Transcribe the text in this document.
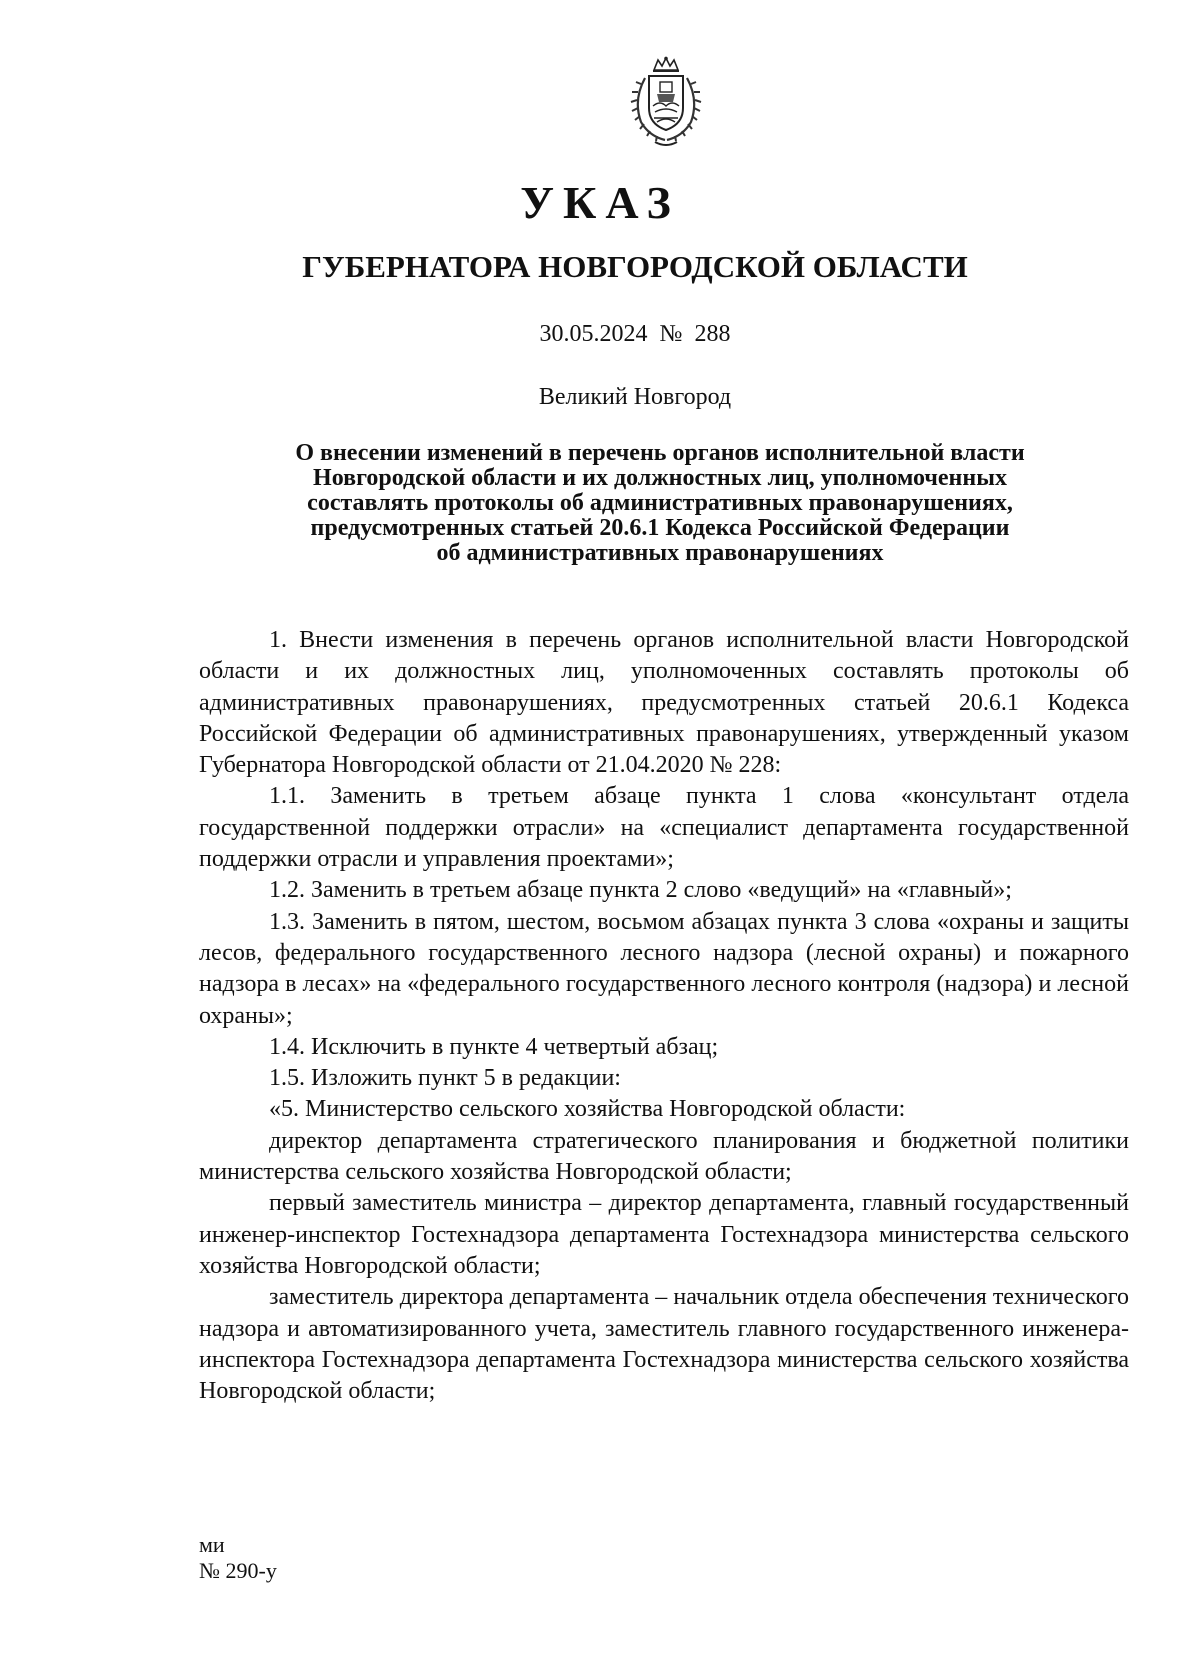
УКАЗ
ГУБЕРНАТОРА НОВГОРОДСКОЙ ОБЛАСТИ
30.05.2024 № 288
Великий Новгород
О внесении изменений в перечень органов исполнительной власти
Новгородской области и их должностных лиц, уполномоченных
составлять протоколы об административных правонарушениях,
предусмотренных статьей 20.6.1 Кодекса Российской Федерации
об административных правонарушениях

1. Внести изменения в перечень органов исполнительной власти Новгородской области и их должностных лиц, уполномоченных составлять протоколы об административных правонарушениях, предусмотренных статьей 20.6.1 Кодекса Российской Федерации об административных правонарушениях, утвержденный указом Губернатора Новгородской области от 21.04.2020 № 228:

1.1. Заменить в третьем абзаце пункта 1 слова «консультант отдела государственной поддержки отрасли» на «специалист департамента государственной поддержки отрасли и управления проектами»;

1.2. Заменить в третьем абзаце пункта 2 слово «ведущий» на «главный»;

1.3. Заменить в пятом, шестом, восьмом абзацах пункта 3 слова «охраны и защиты лесов, федерального государственного лесного надзора (лесной охраны) и пожарного надзора в лесах» на «федерального государственного лесного контроля (надзора) и лесной охраны»;

1.4. Исключить в пункте 4 четвертый абзац;

1.5. Изложить пункт 5 в редакции:

«5. Министерство сельского хозяйства Новгородской области:

директор департамента стратегического планирования и бюджетной политики министерства сельского хозяйства Новгородской области;

первый заместитель министра – директор департамента, главный государственный инженер-инспектор Гостехнадзора департамента Гостехнадзора министерства сельского хозяйства Новгородской области;

заместитель директора департамента – начальник отдела обеспечения технического надзора и автоматизированного учета, заместитель главного государственного инженера-инспектора Гостехнадзора департамента Гостехнадзора министерства сельского хозяйства Новгородской области;

ми
№ 290-у
